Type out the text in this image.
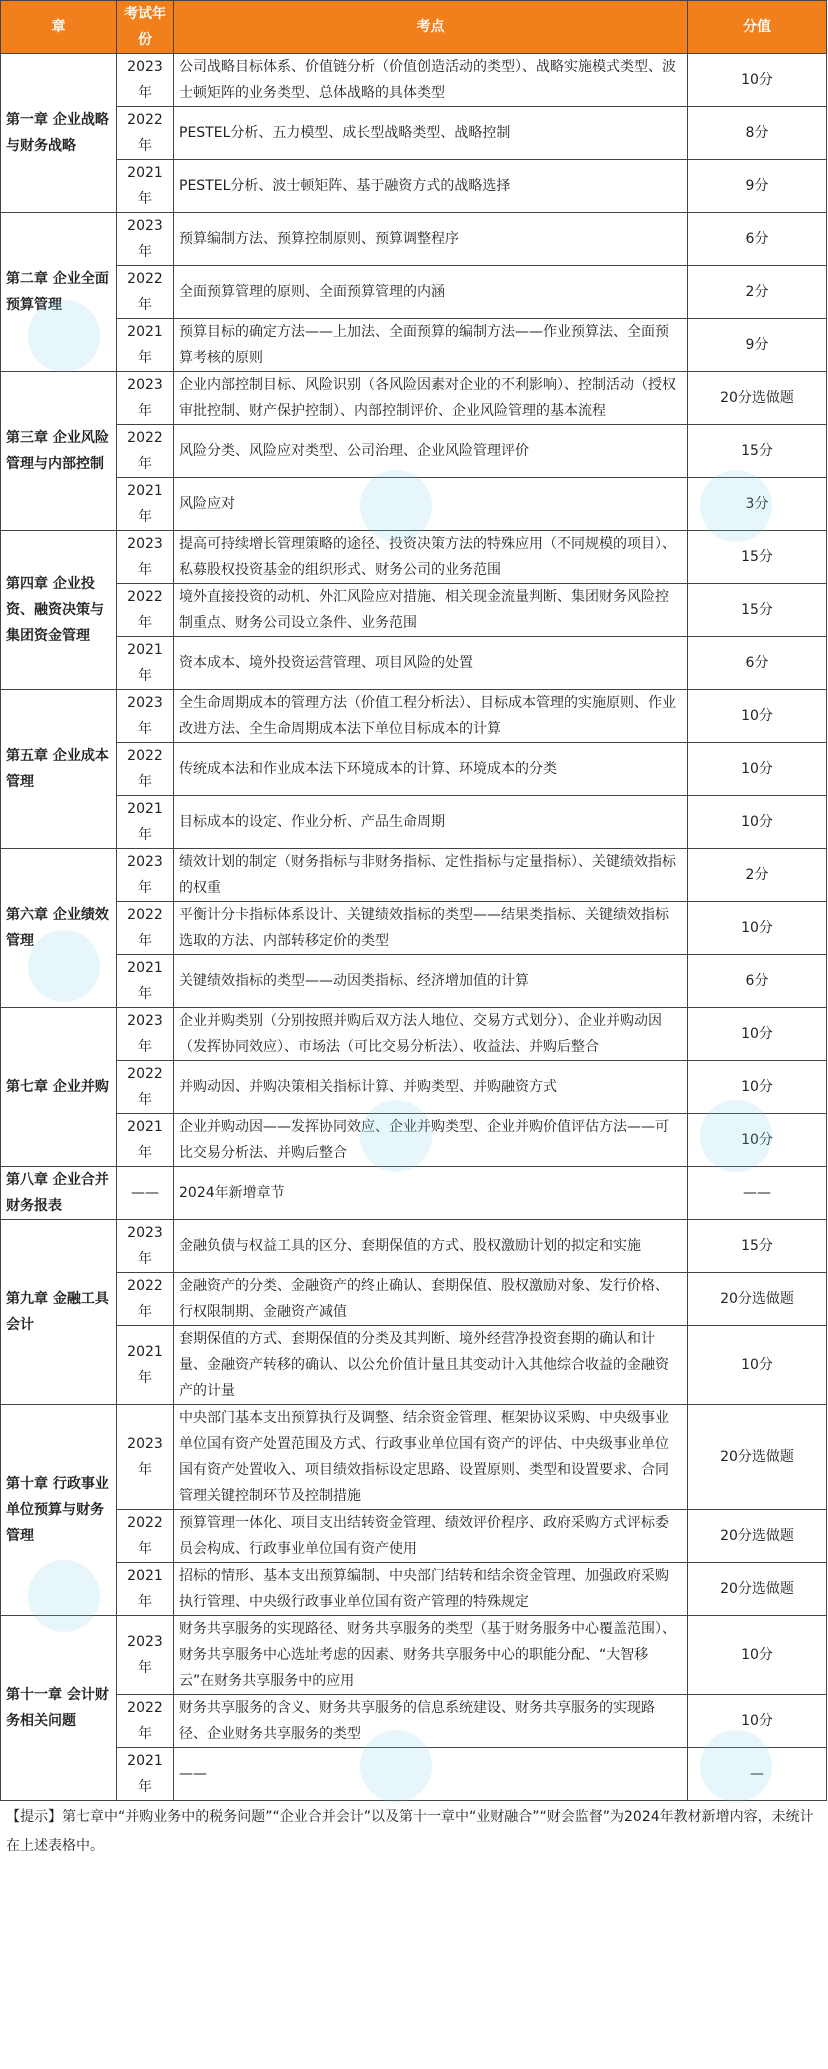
章	考试年份	考点	分值
第一章 企业战略与财务战略	2023年	公司战略目标体系、价值链分析（价值创造活动的类型）、战略实施模式类型、波士顿矩阵的业务类型、总体战略的具体类型	10分
	2022年	PESTEL分析、五力模型、成长型战略类型、战略控制	8分
	2021年	PESTEL分析、波士顿矩阵、基于融资方式的战略选择	9分
第二章 企业全面预算管理	2023年	预算编制方法、预算控制原则、预算调整程序	6分
	2022年	全面预算管理的原则、全面预算管理的内涵	2分
	2021年	预算目标的确定方法——上加法、全面预算的编制方法——作业预算法、全面预算考核的原则	9分
第三章 企业风险管理与内部控制	2023年	企业内部控制目标、风险识别（各风险因素对企业的不利影响）、控制活动（授权审批控制、财产保护控制）、内部控制评价、企业风险管理的基本流程	20分选做题
	2022年	风险分类、风险应对类型、公司治理、企业风险管理评价	15分
	2021年	风险应对	3分
第四章 企业投资、融资决策与集团资金管理	2023年	提高可持续增长管理策略的途径、投资决策方法的特殊应用（不同规模的项目）、私募股权投资基金的组织形式、财务公司的业务范围	15分
	2022年	境外直接投资的动机、外汇风险应对措施、相关现金流量判断、集团财务风险控制重点、财务公司设立条件、业务范围	15分
	2021年	资本成本、境外投资运营管理、项目风险的处置	6分
第五章 企业成本管理	2023年	全生命周期成本的管理方法（价值工程分析法）、目标成本管理的实施原则、作业改进方法、全生命周期成本法下单位目标成本的计算	10分
	2022年	传统成本法和作业成本法下环境成本的计算、环境成本的分类	10分
	2021年	目标成本的设定、作业分析、产品生命周期	10分
第六章 企业绩效管理	2023年	绩效计划的制定（财务指标与非财务指标、定性指标与定量指标）、关键绩效指标的权重	2分
	2022年	平衡计分卡指标体系设计、关键绩效指标的类型——结果类指标、关键绩效指标选取的方法、内部转移定价的类型	10分
	2021年	关键绩效指标的类型——动因类指标、经济增加值的计算	6分
第七章 企业并购	2023年	企业并购类别（分别按照并购后双方法人地位、交易方式划分）、企业并购动因（发挥协同效应）、市场法（可比交易分析法）、收益法、并购后整合	10分
	2022年	并购动因、并购决策相关指标计算、并购类型、并购融资方式	10分
	2021年	企业并购动因——发挥协同效应、企业并购类型、企业并购价值评估方法——可比交易分析法、并购后整合	10分
第八章 企业合并财务报表	——	2024年新增章节	——
第九章 金融工具会计	2023年	金融负债与权益工具的区分、套期保值的方式、股权激励计划的拟定和实施	15分
	2022年	金融资产的分类、金融资产的终止确认、套期保值、股权激励对象、发行价格、行权限制期、金融资产减值	20分选做题
	2021年	套期保值的方式、套期保值的分类及其判断、境外经营净投资套期的确认和计量、金融资产转移的确认、以公允价值计量且其变动计入其他综合收益的金融资产的计量	10分
第十章 行政事业单位预算与财务管理	2023年	中央部门基本支出预算执行及调整、结余资金管理、框架协议采购、中央级事业单位国有资产处置范围及方式、行政事业单位国有资产的评估、中央级事业单位国有资产处置收入、项目绩效指标设定思路、设置原则、类型和设置要求、合同管理关键控制环节及控制措施	20分选做题
	2022年	预算管理一体化、项目支出结转资金管理、绩效评价程序、政府采购方式评标委员会构成、行政事业单位国有资产使用	20分选做题
	2021年	招标的情形、基本支出预算编制、中央部门结转和结余资金管理、加强政府采购执行管理、中央级行政事业单位国有资产管理的特殊规定	20分选做题
第十一章 会计财务相关问题	2023年	财务共享服务的实现路径、财务共享服务的类型（基于财务服务中心覆盖范围）、财务共享服务中心选址考虑的因素、财务共享服务中心的职能分配、“大智移云”在财务共享服务中的应用	10分
	2022年	财务共享服务的含义、财务共享服务的信息系统建设、财务共享服务的实现路径、企业财务共享服务的类型	10分
	2021年	——	—
【提示】第七章中“并购业务中的税务问题”“企业合并会计”以及第十一章中“业财融合”“财会监督”为2024年教材新增内容，未统计在上述表格中。
